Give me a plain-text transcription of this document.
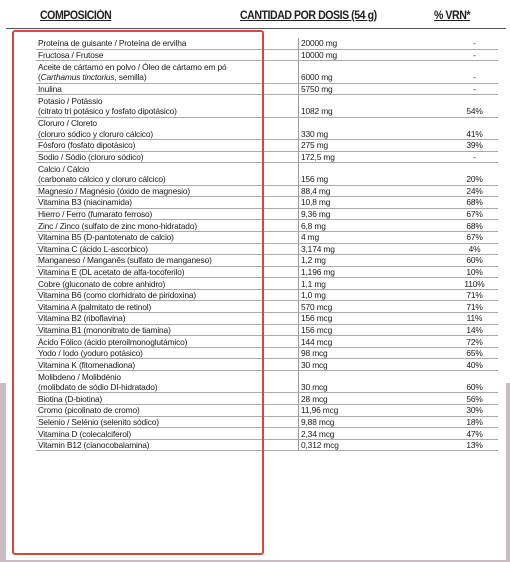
COMPOSICIÓN	CANTIDAD POR DOSIS (54 g)	% VRN*
Proteína de guisante / Proteína de ervilha	20000 mg	-

Fructosa / Frutose	10000 mg	-

Aceite de cártamo en polvo / Óleo de cártamo em pó
(Carthamus tinctorius, semilla)	6000 mg	-

Inulina	5750 mg	-

Potasio / Potássio
(citrato tri potásico y fosfato dipotásico)	1082 mg	54%

Cloruro / Cloreto
(cloruro sódico y cloruro cálcico)	330 mg	41%

Fósforo (fosfato dipotásico)	275 mg	39%

Sodio / Sódio (cloruro sódico)	172,5 mg	-

Calcio / Cálcio
(carbonato cálcico y cloruro cálcico)	156 mg	20%

Magnesio / Magnésio (óxido de magnesio)	88,4 mg	24%

Vitamina B3 (niacinamida)	10,8 mg	68%

Hierro / Ferro (fumarato ferroso)	9,36 mg	67%

Zinc / Zinco (sulfato de zinc mono-hidratado)	6,8 mg	68%

Vitamina B5 (D-pantotenato de calcio)	4 mg	67%

Vitamina C (ácido L-ascorbico)	3,174 mg	4%

Manganeso / Manganês (sulfato de manganeso)	1,2 mg	60%

Vitamina E (DL acetato de alfa-tocoferilo)	1,196 mg	10%

Cobre (gluconato de cobre anhidro)	1,1 mg	110%

Vitamina B6 (como clorhidrato de piridoxina)	1,0 mg	71%

Vitamina A (palmitato de retinol)	570 mcg	71%

Vitamina B2 (riboflavina)	156 mcg	11%

Vitamina B1 (mononitrato de tiamina)	156 mcg	14%

Ácido Fólico (ácido pteroilmonoglutámico)	144 mcg	72%

Yodo / Iodo (yoduro potásico)	98 mcg	65%

Vitamina K (fitomenadiona)	30 mcg	40%

Molibdeno / Molibdénio
(molibdato de sódio DI-hidratado)	30 mcg	60%

Biotina (D-biotina)	28 mcg	56%

Cromo (picolinato de cromo)	11,96 mcg	30%

Selenio / Selénio (selenito sódico)	9,88 mcg	18%

Vitamina D (colecalciferol)	2,34 mcg	47%

Vitamin B12 (cianocobalamina)	0,312 mcg	13%
